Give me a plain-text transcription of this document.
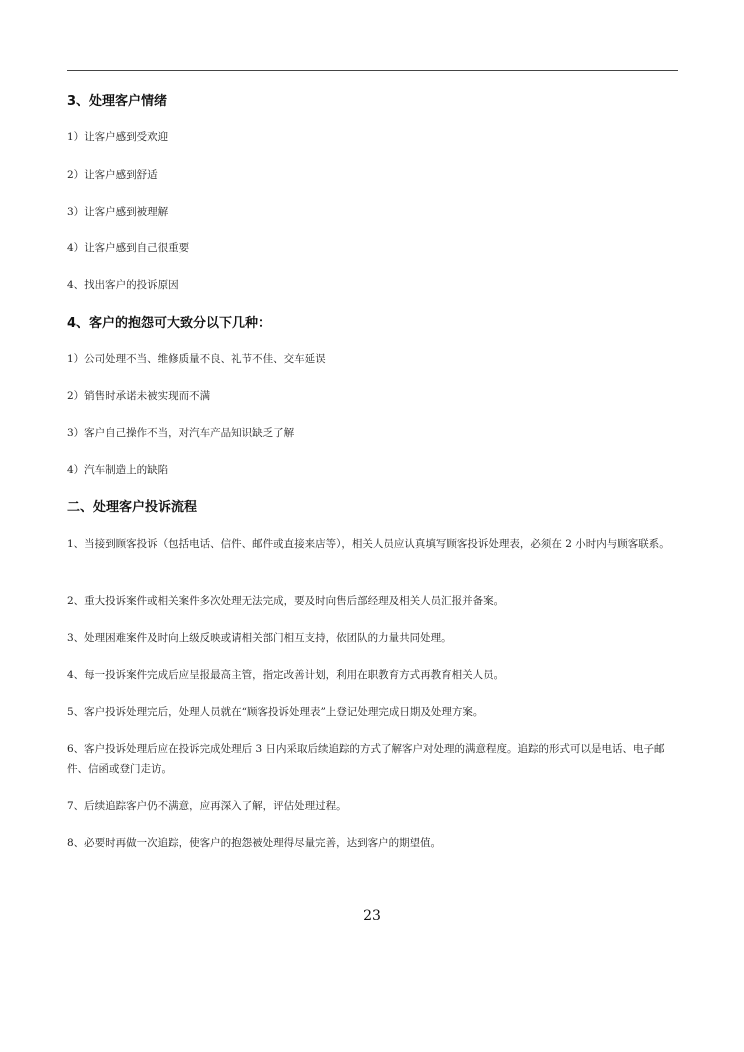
3、处理客户情绪
1）让客户感到受欢迎
2）让客户感到舒适
3）让客户感到被理解
4）让客户感到自己很重要
4、找出客户的投诉原因
4、客户的抱怨可大致分以下几种：
1）公司处理不当、维修质量不良、礼节不佳、交车延误
2）销售时承诺未被实现而不满
3）客户自己操作不当，对汽车产品知识缺乏了解
4）汽车制造上的缺陷
二、处理客户投诉流程
1、当接到顾客投诉（包括电话、信件、邮件或直接来店等），相关人员应认真填写顾客投诉处理表，必须在 2 小时内与顾客联系。
2、重大投诉案件或相关案件多次处理无法完成，要及时向售后部经理及相关人员汇报并备案。
3、处理困难案件及时向上级反映或请相关部门相互支持，依团队的力量共同处理。
4、每一投诉案件完成后应呈报最高主管，指定改善计划，利用在职教育方式再教育相关人员。
5、客户投诉处理完后，处理人员就在“顾客投诉处理表”上登记处理完成日期及处理方案。
6、客户投诉处理后应在投诉完成处理后 3 日内采取后续追踪的方式了解客户对处理的满意程度。追踪的形式可以是电话、电子邮件、信函或登门走访。
7、后续追踪客户仍不满意，应再深入了解，评估处理过程。
8、必要时再做一次追踪，使客户的抱怨被处理得尽量完善，达到客户的期望值。
23
